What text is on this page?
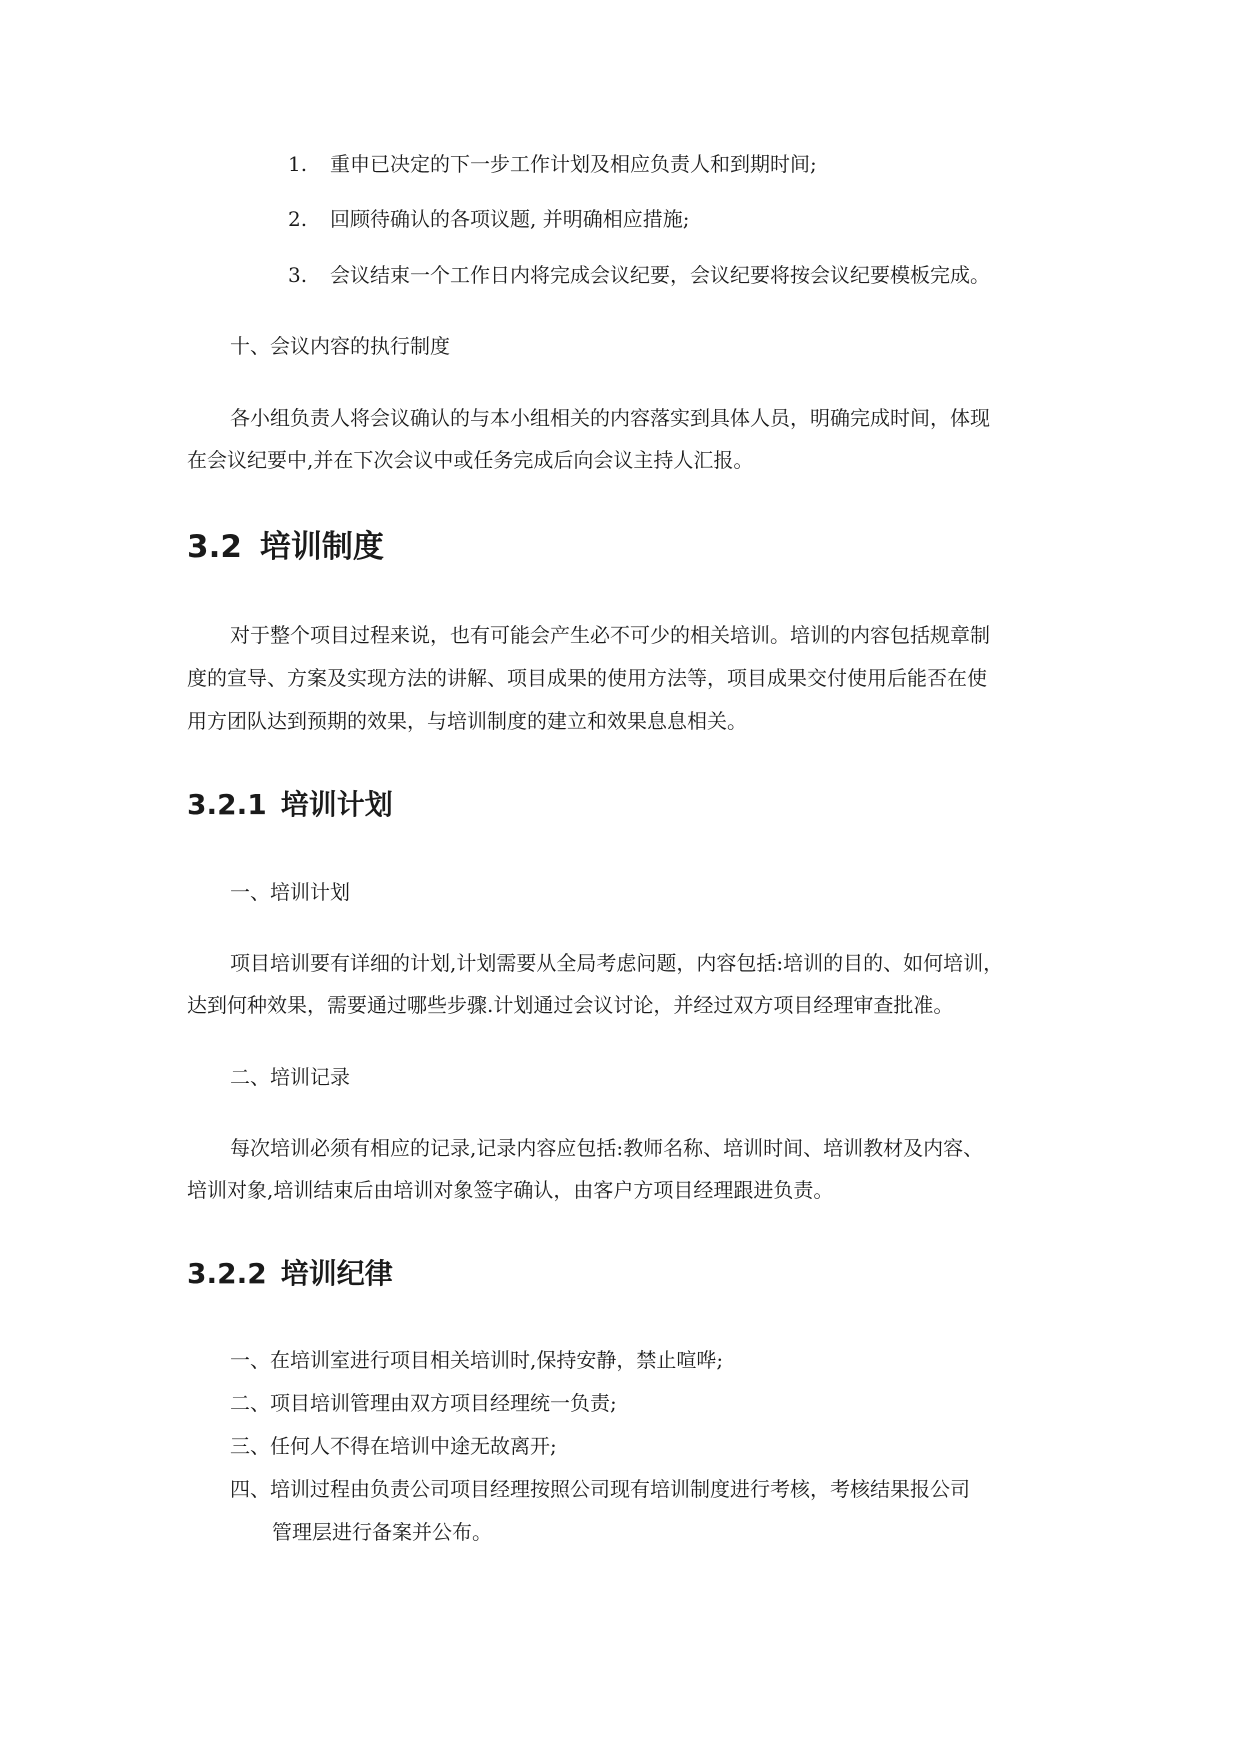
1. 重申已决定的下一步工作计划及相应负责人和到期时间;
2. 回顾待确认的各项议题, 并明确相应措施;
3. 会议结束一个工作日内将完成会议纪要，会议纪要将按会议纪要模板完成。
十、会议内容的执行制度
各小组负责人将会议确认的与本小组相关的内容落实到具体人员，明确完成时间，体现
在会议纪要中,并在下次会议中或任务完成后向会议主持人汇报。
3.2 培训制度
对于整个项目过程来说，也有可能会产生必不可少的相关培训。培训的内容包括规章制
度的宣导、方案及实现方法的讲解、项目成果的使用方法等，项目成果交付使用后能否在使
用方团队达到预期的效果，与培训制度的建立和效果息息相关。
3.2.1 培训计划
一、培训计划
项目培训要有详细的计划,计划需要从全局考虑问题，内容包括:培训的目的、如何培训，
达到何种效果，需要通过哪些步骤.计划通过会议讨论，并经过双方项目经理审查批准。
二、培训记录
每次培训必须有相应的记录,记录内容应包括:教师名称、培训时间、培训教材及内容、
培训对象,培训结束后由培训对象签字确认，由客户方项目经理跟进负责。
3.2.2 培训纪律
一、在培训室进行项目相关培训时,保持安静，禁止喧哗;
二、项目培训管理由双方项目经理统一负责;
三、任何人不得在培训中途无故离开;
四、培训过程由负责公司项目经理按照公司现有培训制度进行考核，考核结果报公司
管理层进行备案并公布。
